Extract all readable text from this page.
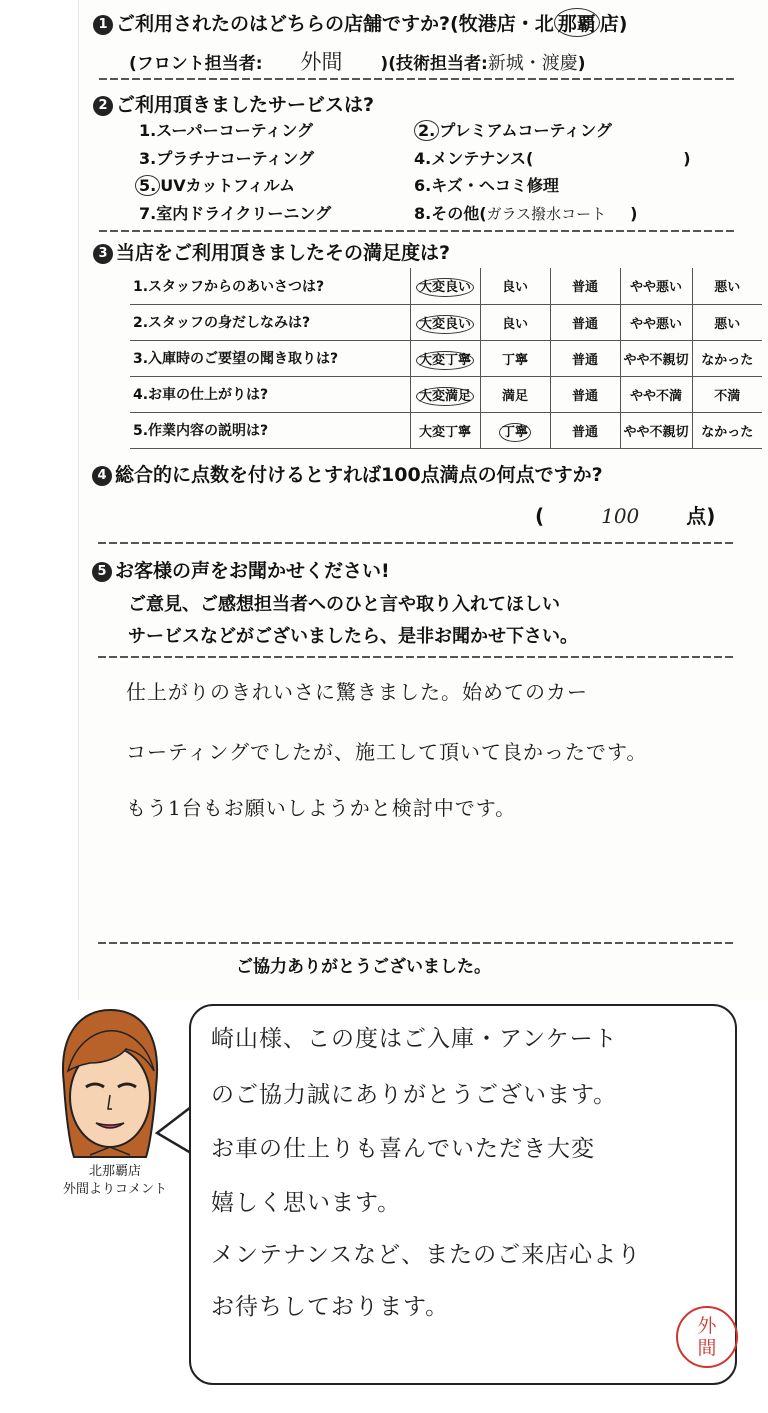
1 ご利用されたのはどちらの店舗ですか?(牧港店・北 那覇 店)
(フロント担当者: 外間 )(技術担当者:新城・渡慶)
2 ご利用頂きましたサービスは?
1.スーパーコーティング	2. プレミアムコーティング
3.プラチナコーティング	4.メンテナンス(	)
5. UVカットフィルム	6.キズ・ヘコミ修理
7.室内ドライクリーニング	8.その他(ガラス撥水コート )
3 当店をご利用頂きましたその満足度は?
1.スタッフからのあいさつは?	大変良い	良い	普通	やや悪い	悪い
2.スタッフの身だしなみは?	大変良い	良い	普通	やや悪い	悪い
3.入庫時のご要望の聞き取りは?	大変丁寧	丁寧	普通	やや不親切	なかった
4.お車の仕上がりは?	大変満足	満足	普通	やや不満	不満
5.作業内容の説明は?	大変丁寧	丁寧	普通	やや不親切	なかった
4 総合的に点数を付けるとすれば100点満点の何点ですか?
(	100 点)
5 お客様の声をお聞かせください!
ご意見、ご感想担当者へのひと言や取り入れてほしい
サービスなどがございましたら、是非お聞かせ下さい。
仕上がりのきれいさに驚きました。始めてのカー
コーティングでしたが、施工して頂いて良かったです。
もう1台もお願いしようかと検討中です。
ご協力ありがとうございました。
北那覇店
外間よりコメント
崎山様、この度はご入庫・アンケート
のご協力誠にありがとうございます。
お車の仕上りも喜んでいただき大変
嬉しく思います。
メンテナンスなど、またのご来店心より
お待ちしております。
外
間
